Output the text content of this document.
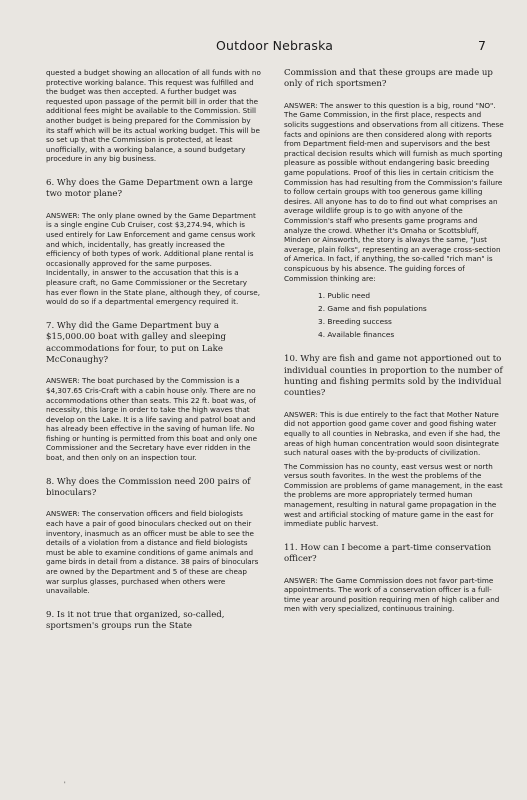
Outdoor Nebraska	7

quested a budget showing an allocation of all funds with no protective working balance. This request was fulfilled and the budget was then accepted. A further budget was requested upon passage of the permit bill in order that the additional fees might be available to the Commission. Still another budget is being prepared for the Commission by its staff which will be its actual working budget. This will be so set up that the Commission is protected, at least unofficially, with a working balance, a sound budgetary procedure in any big business.

6. Why does the Game Department own a large two motor plane?

ANSWER: The only plane owned by the Game Department is a single engine Cub Cruiser, cost $3,274.94, which is used entirely for Law Enforcement and game census work and which, incidentally, has greatly increased the efficiency of both types of work. Additional plane rental is occasionally approved for the same purposes.

Incidentally, in answer to the accusation that this is a pleasure craft, no Game Commissioner or the Secretary has ever flown in the State plane, although they, of course, would do so if a departmental emergency required it.

7. Why did the Game Department buy a $15,000.00 boat with galley and sleeping accommodations for four, to put on Lake McConaughy?

ANSWER: The boat purchased by the Commission is a $4,307.65 Cris-Craft with a cabin house only. There are no accommodations other than seats. This 22 ft. boat was, of necessity, this large in order to take the high waves that develop on the Lake. It is a life saving and patrol boat and has already been effective in the saving of human life. No fishing or hunting is permitted from this boat and only one Commissioner and the Secretary have ever ridden in the boat, and then only on an inspection tour.

8. Why does the Commission need 200 pairs of binoculars?

ANSWER: The conservation officers and field biologists each have a pair of good binoculars checked out on their inventory, inasmuch as an officer must be able to see the details of a violation from a distance and field biologists must be able to examine conditions of game animals and game birds in detail from a distance. 38 pairs of binoculars are owned by the Department and 5 of these are cheap war surplus glasses, purchased when others were unavailable.

9. Is it not true that organized, so-called, sportsmen's groups run the State

Commission and that these groups are made up only of rich sportsmen?

ANSWER: The answer to this question is a big, round "NO". The Game Commission, in the first place, respects and solicits suggestions and observations from all citizens. These facts and opinions are then considered along with reports from Department field-men and supervisors and the best practical decision results which will furnish as much sporting pleasure as possible without endangering basic breeding game populations. Proof of this lies in certain criticism the Commission has had resulting from the Commission's failure to follow certain groups with too generous game killing desires. All anyone has to do to find out what comprises an average wildlife group is to go with anyone of the Commission's staff who presents game programs and analyze the crowd. Whether it's Omaha or Scottsbluff, Minden or Ainsworth, the story is always the same, "Just average, plain folks", representing an average cross-section of America. In fact, if anything, the so-called "rich man" is conspicuous by his absence. The guiding forces of Commission thinking are:

1. Public need
2. Game and fish populations
3. Breeding success
4. Available finances

10. Why are fish and game not apportioned out to individual counties in proportion to the number of hunting and fishing permits sold by the individual counties?

ANSWER: This is due entirely to the fact that Mother Nature did not apportion good game cover and good fishing water equally to all counties in Nebraska, and even if she had, the areas of high human concentration would soon disintegrate such natural oases with the by-products of civilization.

The Commission has no county, east versus west or north versus south favorites. In the west the problems of the Commission are problems of game management, in the east the problems are more appropriately termed human management, resulting in natural game propagation in the west and artificial stocking of mature game in the east for immediate public harvest.

11. How can I become a part-time conservation officer?

ANSWER: The Game Commission does not favor part-time appointments. The work of a conservation officer is a full-time year around position requiring men of high caliber and men with very specialized, continuous training.

'
